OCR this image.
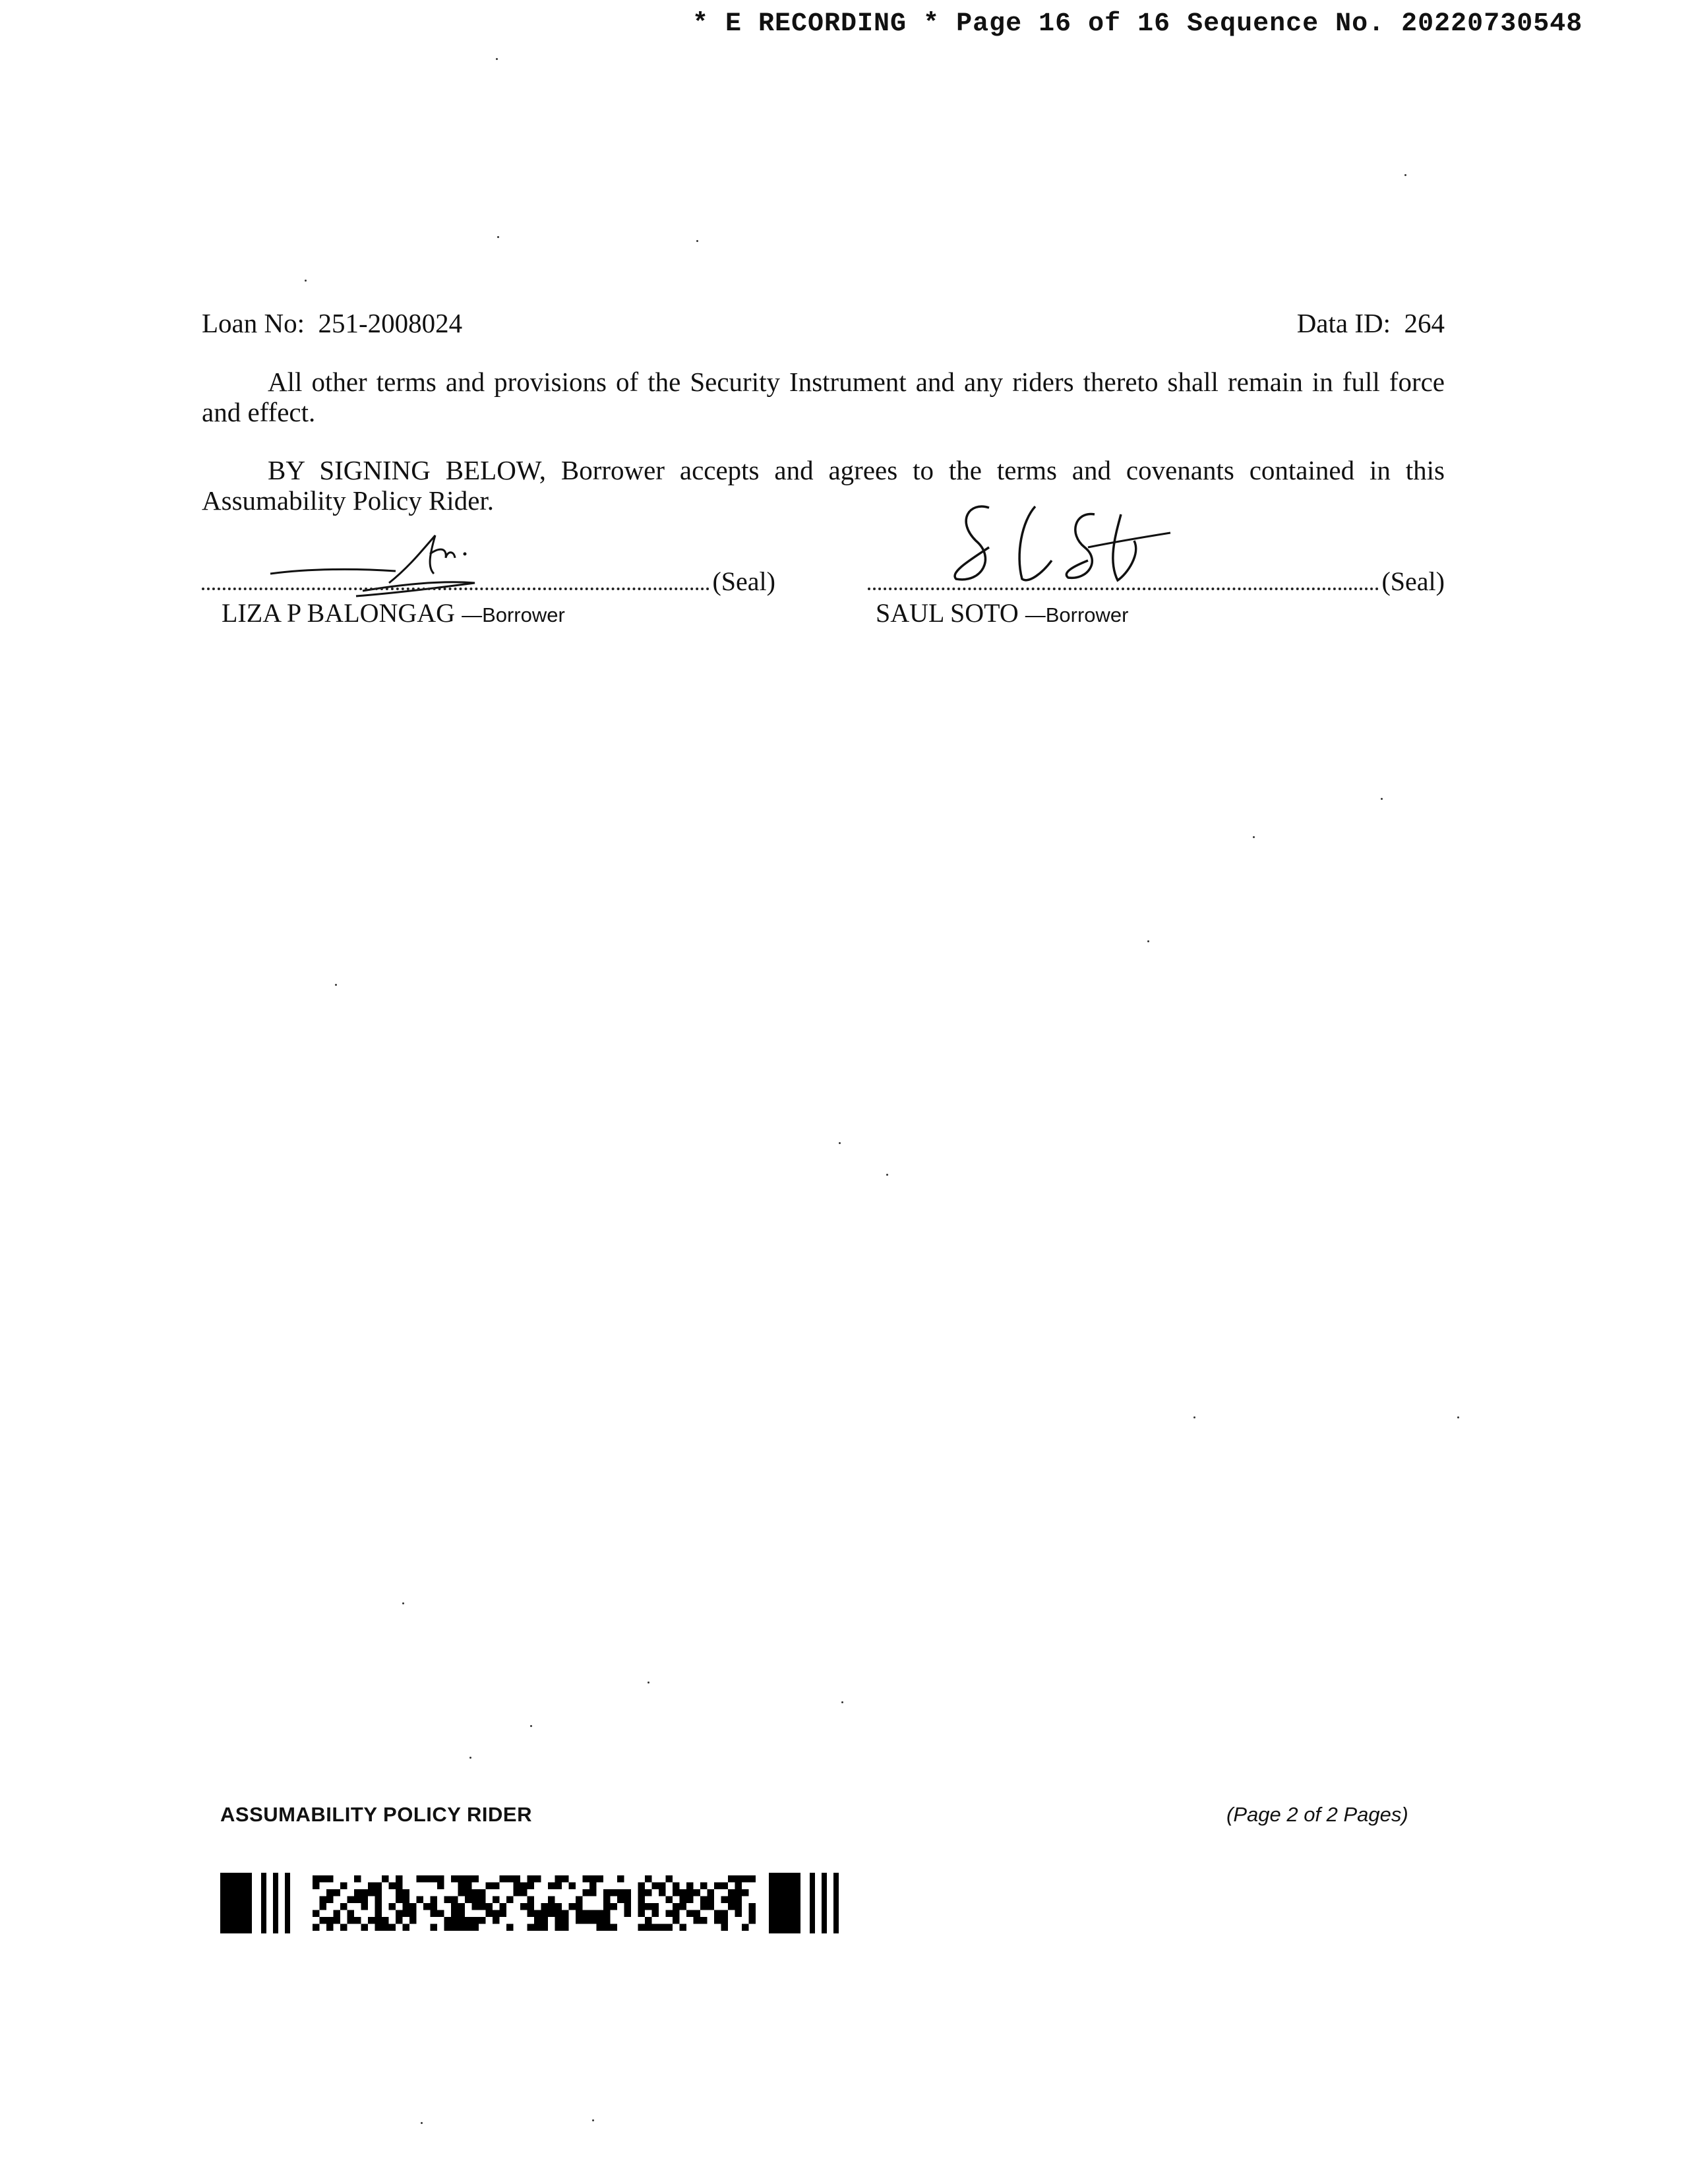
* E RECORDING * Page 16 of 16 Sequence No. 20220730548
Loan No: 251-2008024	Data ID: 264

All other terms and provisions of the Security Instrument and any riders thereto shall remain in full force and effect.

BY SIGNING BELOW, Borrower accepts and agrees to the terms and covenants contained in this Assumability Policy Rider.

(Seal)
LIZA P BALONGAG —Borrower
(Seal)
SAUL SOTO —Borrower
ASSUMABILITY POLICY RIDER	(Page 2 of 2 Pages)
